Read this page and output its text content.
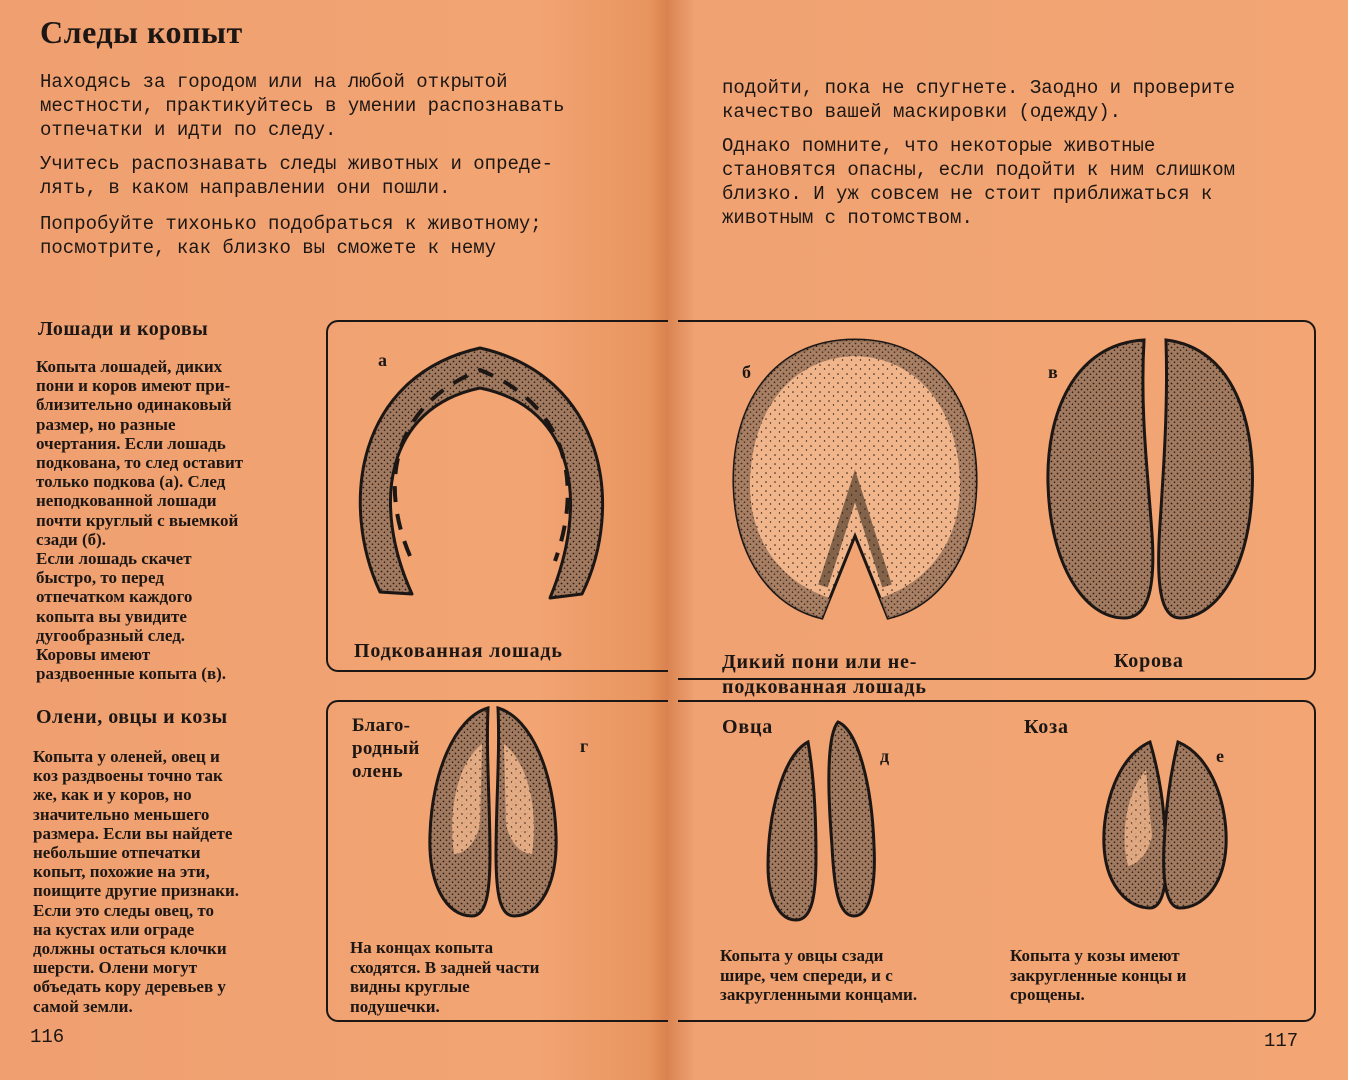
Следы копыт
Находясь за городом или на любой открытой
местности, практикуйтесь в умении распознавать
отпечатки и идти по следу.
Учитесь распознавать следы животных и опреде-
лять, в каком направлении они пошли.
Попробуйте тихонько подобраться к животному;
посмотрите, как близко вы сможете к нему
подойти, пока не спугнете. Заодно и проверите
качество вашей маскировки (одежду).
Однако помните, что некоторые животные
становятся опасны, если подойти к ним слишком
близко. И уж совсем не стоит приближаться к
животным с потомством.
Лошади и коровы
Копыта лошадей, диких
пони и коров имеют при-
близительно одинаковый
размер, но разные
очертания. Если лошадь
подкована, то след оставит
только подкова (а). След
неподкованной лошади
почти круглый с выемкой
сзади (б).
Если лошадь скачет
быстро, то перед
отпечатком каждого
копыта вы увидите
дугообразный след.
Коровы имеют
раздвоенные копыта (в).
Олени, овцы и козы
Копыта у оленей, овец и
коз раздвоены точно так
же, как и у коров, но
значительно меньшего
размера. Если вы найдете
небольшие отпечатки
копыт, похожие на эти,
поищите другие признаки.
Если это следы овец, то
на кустах или ограде
должны остаться клочки
шерсти. Олени могут
объедать кору деревьев у
самой земли.
а
Подкованная лошадь
б
Дикий пони или не-
подкованная лошадь
в
Корова
Благо-
родный
олень
г
На концах копыта
сходятся. В задней части
видны круглые
подушечки.
Овца
д
Копыта у овцы сзади
шире, чем спереди, и с
закругленными концами.
Коза
е
Копыта у козы имеют
закругленные концы и
срощены.
116	117
